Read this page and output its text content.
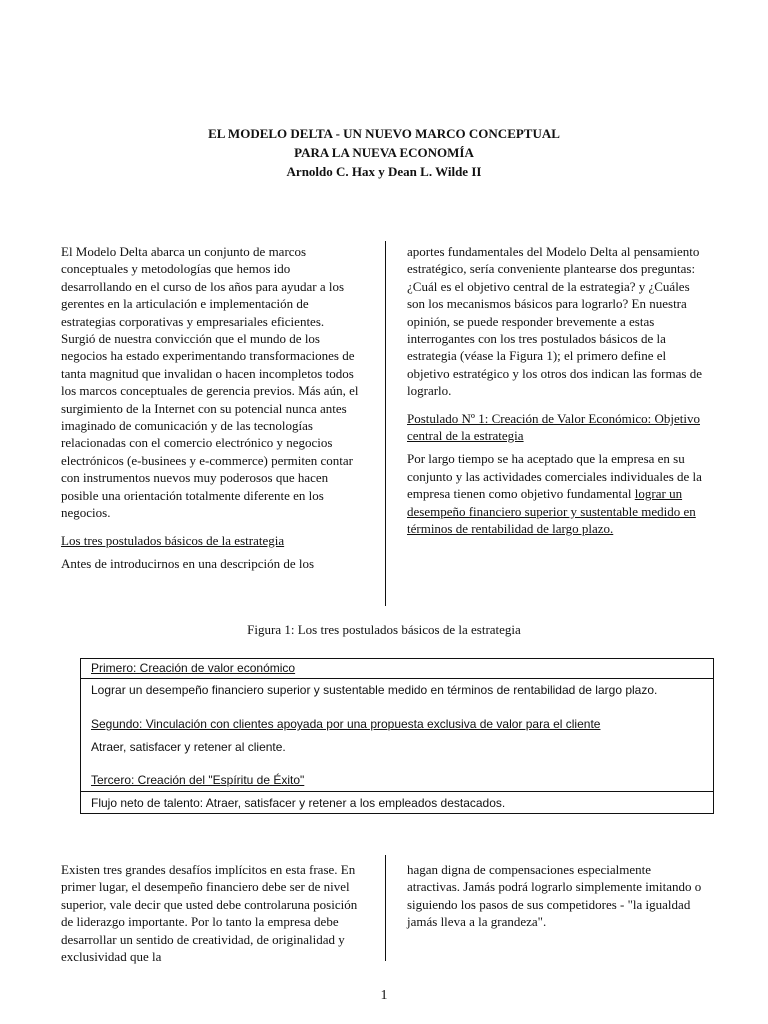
EL MODELO DELTA - UN NUEVO MARCO CONCEPTUAL
PARA LA NUEVA ECONOMÍA
Arnoldo C. Hax y Dean L. Wilde II

El Modelo Delta abarca un conjunto de marcos conceptuales y metodologías que hemos ido desarrollando en el curso de los años para ayudar a los gerentes en la articulación e implementación de estrategias corporativas y empresariales eficientes. Surgió de nuestra convicción que el mundo de los negocios ha estado experimentando transformaciones de tanta magnitud que invalidan o hacen incompletos todos los marcos conceptuales de gerencia previos. Más aún, el surgimiento de la Internet con su potencial nunca antes imaginado de comunicación y de las tecnologías relacionadas con el comercio electrónico y negocios electrónicos (e-businees y e-commerce) permiten contar con instrumentos nuevos muy poderosos que hacen posible una orientación totalmente diferente en los negocios.

Los tres postulados básicos de la estrategia

Antes de introducirnos en una descripción de los

aportes fundamentales del Modelo Delta al pensamiento estratégico, sería conveniente plantearse dos preguntas: ¿Cuál es el objetivo central de la estrategia? y ¿Cuáles son los mecanismos básicos para lograrlo? En nuestra opinión, se puede responder brevemente a estas interrogantes con los tres postulados básicos de la estrategia (véase la Figura 1); el primero define el objetivo estratégico y los otros dos indican las formas de lograrlo.

Postulado Nº 1: Creación de Valor Económico: Objetivo central de la estrategia

Por largo tiempo se ha aceptado que la empresa en su conjunto y las actividades comerciales individuales de la empresa tienen como objetivo fundamental lograr un desempeño financiero superior y sustentable medido en términos de rentabilidad de largo plazo.

Figura 1: Los tres postulados básicos de la estrategia
Primero: Creación de valor económico
Lograr un desempeño financiero superior y sustentable medido en términos de rentabilidad de largo plazo.
Segundo: Vinculación con clientes apoyada por una propuesta exclusiva de valor para el cliente
Atraer, satisfacer y retener al cliente.
Tercero: Creación del "Espíritu de Éxito"
Flujo neto de talento: Atraer, satisfacer y retener a los empleados destacados.

Existen tres grandes desafíos implícitos en esta frase. En primer lugar, el desempeño financiero debe ser de nivel superior, vale decir que usted debe controlaruna posición de liderazgo importante. Por lo tanto la empresa debe desarrollar un sentido de creatividad, de originalidad y exclusividad que la

hagan digna de compensaciones especialmente atractivas. Jamás podrá lograrlo simplemente imitando o siguiendo los pasos de sus competidores - "la igualdad jamás lleva a la grandeza".

1
